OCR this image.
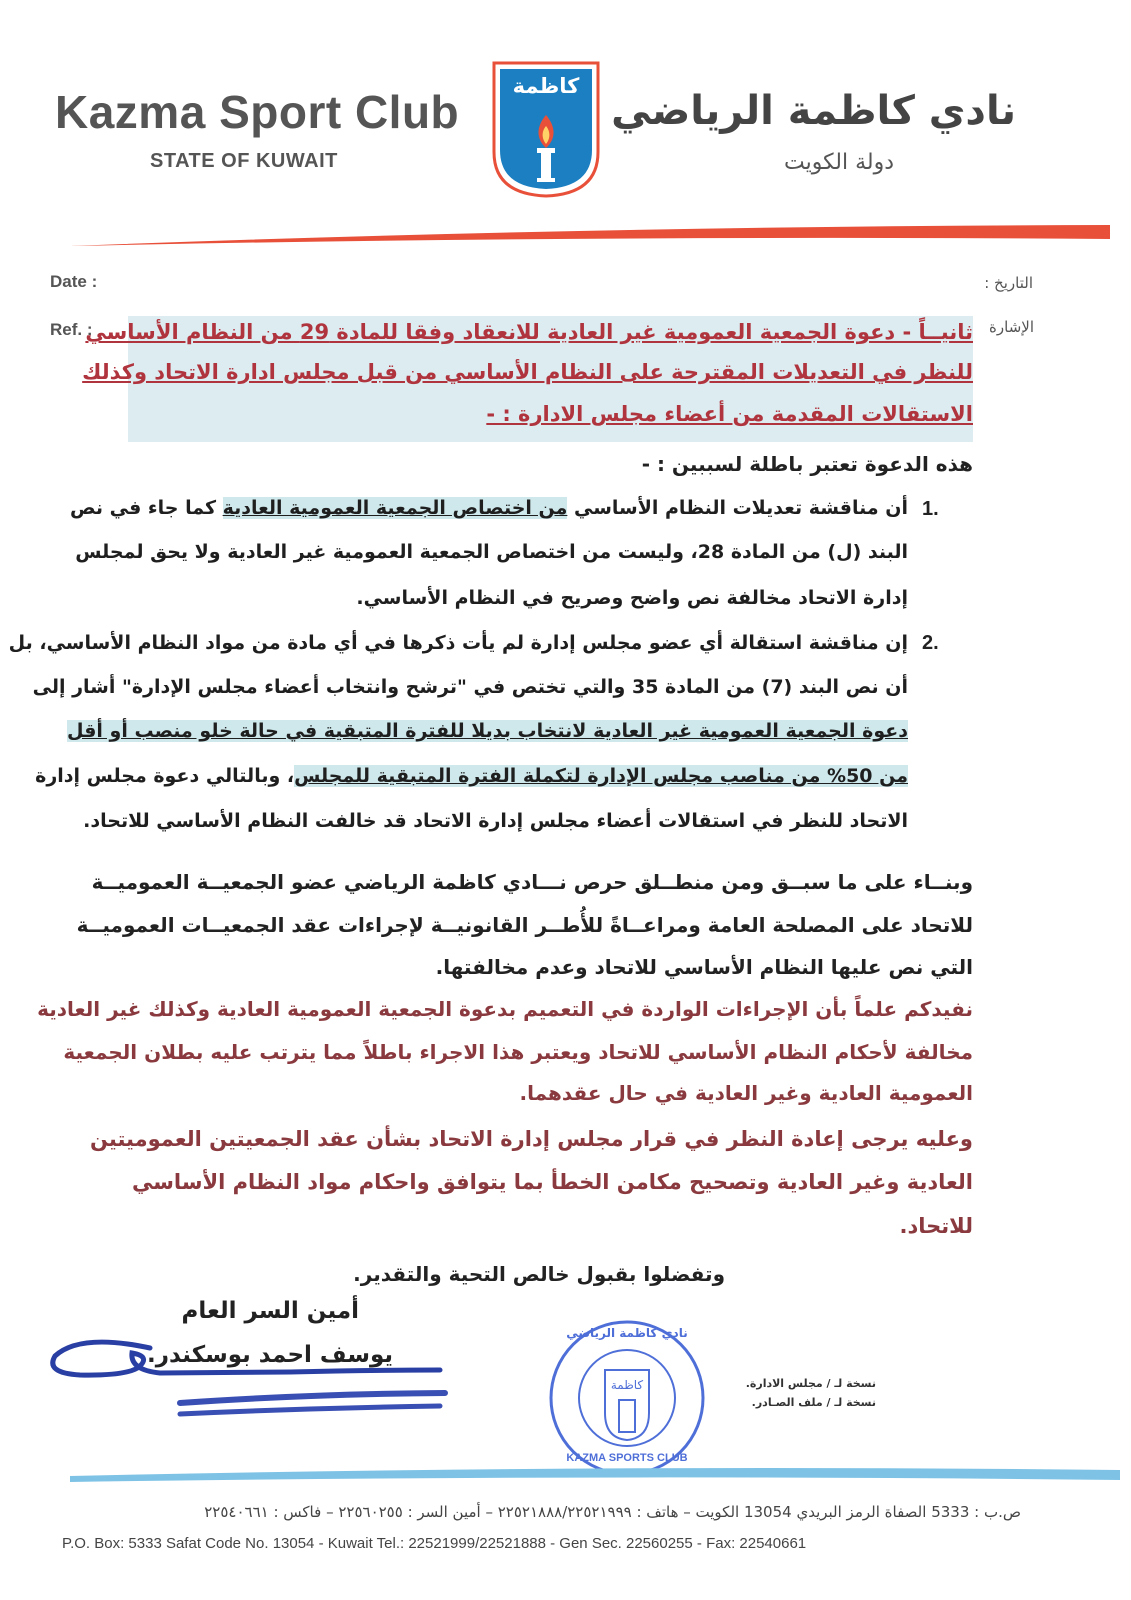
Kazma Sport Club
STATE OF KUWAIT
كاظمة
نادي كاظمة الرياضي
دولة الكويت
Date :
Ref. :
التاريخ :
الإشارة
ثانيــاً - دعوة الجمعية العمومية غير العادية للانعقاد وفقا للمادة 29 من النظام الأساسي
للنظر في التعديلات المقترحة على النظام الأساسي من قبل مجلس ادارة الاتحاد وكذلك
الاستقالات المقدمة من أعضاء مجلس الادارة : -
هذه الدعوة تعتبر باطلة لسببين : -
1.
أن مناقشة تعديلات النظام الأساسي من اختصاص الجمعية العمومية العادية كما جاء في نص
البند (ل) من المادة 28، وليست من اختصاص الجمعية العمومية غير العادية ولا يحق لمجلس
إدارة الاتحاد مخالفة نص واضح وصريح في النظام الأساسي.
2.
إن مناقشة استقالة أي عضو مجلس إدارة لم يأت ذكرها في أي مادة من مواد النظام الأساسي، بل
أن نص البند (7) من المادة 35 والتي تختص في "ترشح وانتخاب أعضاء مجلس الإدارة" أشار إلى
دعوة الجمعية العمومية غير العادية لانتخاب بديلا للفترة المتبقية في حالة خلو منصب أو أقل
من 50% من مناصب مجلس الإدارة لتكملة الفترة المتبقية للمجلس، وبالتالي دعوة مجلس إدارة
الاتحاد للنظر في استقالات أعضاء مجلس إدارة الاتحاد قد خالفت النظام الأساسي للاتحاد.
وبنــاء على ما سبــق ومن منطــلق حرص نـــادي كاظمة الرياضي عضو الجمعيــة العموميــة
للاتحاد على المصلحة العامة ومراعــاةً للأُطــر القانونيــة لإجراءات عقد الجمعيــات العموميــة
التي نص عليها النظام الأساسي للاتحاد وعدم مخالفتها.
نفيدكم علماً بأن الإجراءات الواردة في التعميم بدعوة الجمعية العمومية العادية وكذلك غير العادية
مخالفة لأحكام النظام الأساسي للاتحاد ويعتبر هذا الاجراء باطلاً مما يترتب عليه بطلان الجمعية
العمومية العادية وغير العادية في حال عقدهما.
وعليه يرجى إعادة النظر في قرار مجلس إدارة الاتحاد بشأن عقد الجمعيتين العموميتين
العادية وغير العادية وتصحيح مكامن الخطأ بما يتوافق واحكام مواد النظام الأساسي
للاتحاد.
وتفضلوا بقبول خالص التحية والتقدير.
أمين السر العام
يوسف احمد بوسكندر.
نادي كاظمة الرياضي
كاظمة
KAZMA SPORTS CLUB
نسخة لـ / مجلس الادارة.
نسخة لـ / ملف الصـادر.
ص.ب : 5333 الصفاة الرمز البريدي 13054 الكويت – هاتف : ٢٢٥٢١٨٨٨/٢٢٥٢١٩٩٩ – أمين السر : ٢٢٥٦٠٢٥٥ – فاكس : ٢٢٥٤٠٦٦١
P.O. Box: 5333 Safat Code No. 13054 - Kuwait Tel.: 22521999/22521888 - Gen Sec. 22560255 - Fax: 22540661
